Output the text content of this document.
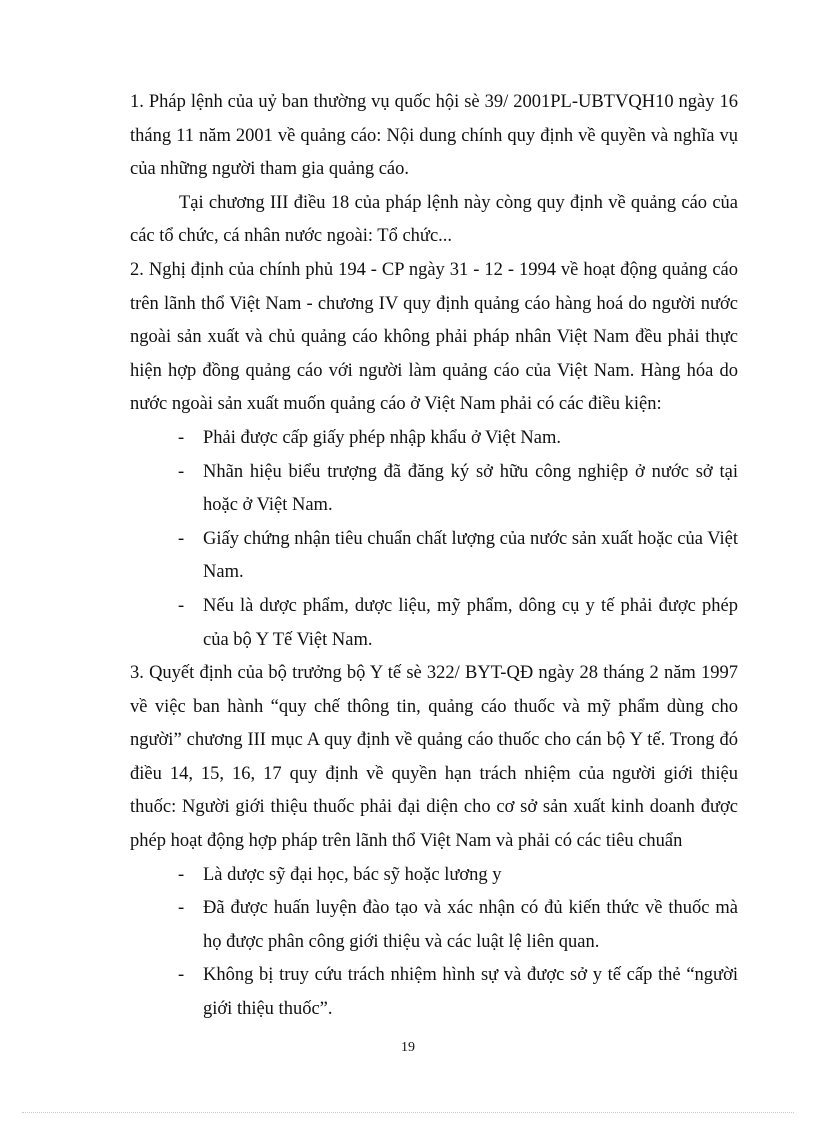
1. Pháp lệnh của uỷ ban thường vụ quốc hội sè 39/ 2001PL-UBTVQH10 ngày 16 tháng 11 năm 2001 về quảng cáo: Nội dung chính quy định về quyền và nghĩa vụ của những người tham gia quảng cáo.

Tại chương III điều 18 của pháp lệnh này còng quy định về quảng cáo của các tổ chức, cá nhân nước ngoài: Tổ chức...

2. Nghị định của chính phủ 194 - CP ngày 31 - 12 - 1994 về hoạt động quảng cáo trên lãnh thổ Việt Nam - chương IV quy định quảng cáo hàng hoá do người nước ngoài sản xuất và chủ quảng cáo không phải pháp nhân Việt Nam đều phải thực hiện hợp đồng quảng cáo với người làm quảng cáo của Việt Nam. Hàng hóa do nước ngoài sản xuất muốn quảng cáo ở Việt Nam phải có các điều kiện:

- Phải được cấp giấy phép nhập khẩu ở Việt Nam.
- Nhãn hiệu biểu trượng đã đăng ký sở hữu công nghiệp ở nước sở tại hoặc ở Việt Nam.
- Giấy chứng nhận tiêu chuẩn chất lượng của nước sản xuất hoặc của Việt Nam.
- Nếu là dược phẩm, dược liệu, mỹ phẩm, dông cụ y tế phải được phép của bộ Y Tế Việt Nam.

3. Quyết định của bộ trưởng bộ Y tế sè 322/ BYT-QĐ ngày 28 tháng 2 năm 1997 về việc ban hành “quy chế thông tin, quảng cáo thuốc và mỹ phẩm dùng cho người” chương III mục A quy định về quảng cáo thuốc cho cán bộ Y tế. Trong đó điều 14, 15, 16, 17 quy định về quyền hạn trách nhiệm của người giới thiệu thuốc: Người giới thiệu thuốc phải đại diện cho cơ sở sản xuất kinh doanh được phép hoạt động hợp pháp trên lãnh thổ Việt Nam và phải có các tiêu chuẩn

- Là dược sỹ đại học, bác sỹ hoặc lương y
- Đã được huấn luyện đào tạo và xác nhận có đủ kiến thức về thuốc mà họ được phân công giới thiệu và các luật lệ liên quan.
- Không bị truy cứu trách nhiệm hình sự và được sở y tế cấp thẻ “người giới thiệu thuốc”.
19
